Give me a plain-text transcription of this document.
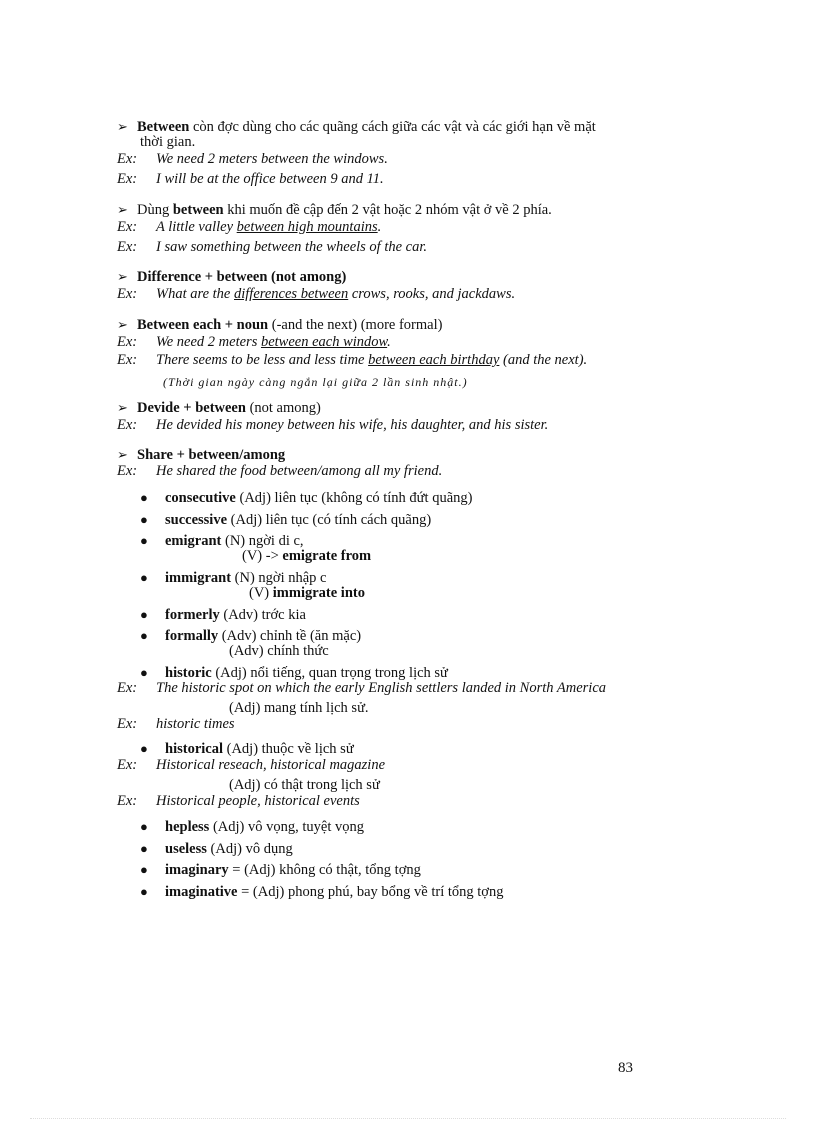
➢ Between còn đợc dùng cho các quãng cách giữa các vật và các giới hạn về mặt
thời gian.
Ex: We need 2 meters between the windows.
Ex: I will be at the office between 9 and 11.
➢ Dùng between khi muốn đề cập đến 2 vật hoặc 2 nhóm vật ở về 2 phía.
Ex: A little valley between high mountains.
Ex: I saw something between the wheels of the car.
➢ Difference + between (not among)
Ex: What are the differences between crows, rooks, and jackdaws.
➢ Between each + noun (-and the next) (more formal)
Ex: We need 2 meters between each window.
Ex: There seems to be less and less time between each birthday (and the next).
(Thời gian ngày càng ngắn lại giữa 2 lần sinh nhật.)
➢ Devide + between (not among)
Ex: He devided his money between his wife, his daughter, and his sister.
➢ Share + between/among
Ex: He shared the food between/among all my friend.
● consecutive (Adj) liên tục (không có tính đứt quãng)
● successive (Adj) liên tục (có tính cách quãng)
● emigrant (N) ngời di c,
(V) -> emigrate from
● immigrant (N) ngời nhập c
(V) immigrate into
● formerly (Adv) trớc kia
● formally (Adv) chỉnh tề (ăn mặc)
(Adv) chính thức
● historic (Adj) nổi tiếng, quan trọng trong lịch sử
Ex: The historic spot on which the early English settlers landed in North America
(Adj) mang tính lịch sử.
Ex: historic times
● historical (Adj) thuộc về lịch sử
Ex: Historical reseach, historical magazine
(Adj) có thật trong lịch sử
Ex: Historical people, historical events
● hepless (Adj) vô vọng, tuyệt vọng
● useless (Adj) vô dụng
● imaginary = (Adj) không có thật, tổng tợng
● imaginative = (Adj) phong phú, bay bổng về trí tổng tợng
83
